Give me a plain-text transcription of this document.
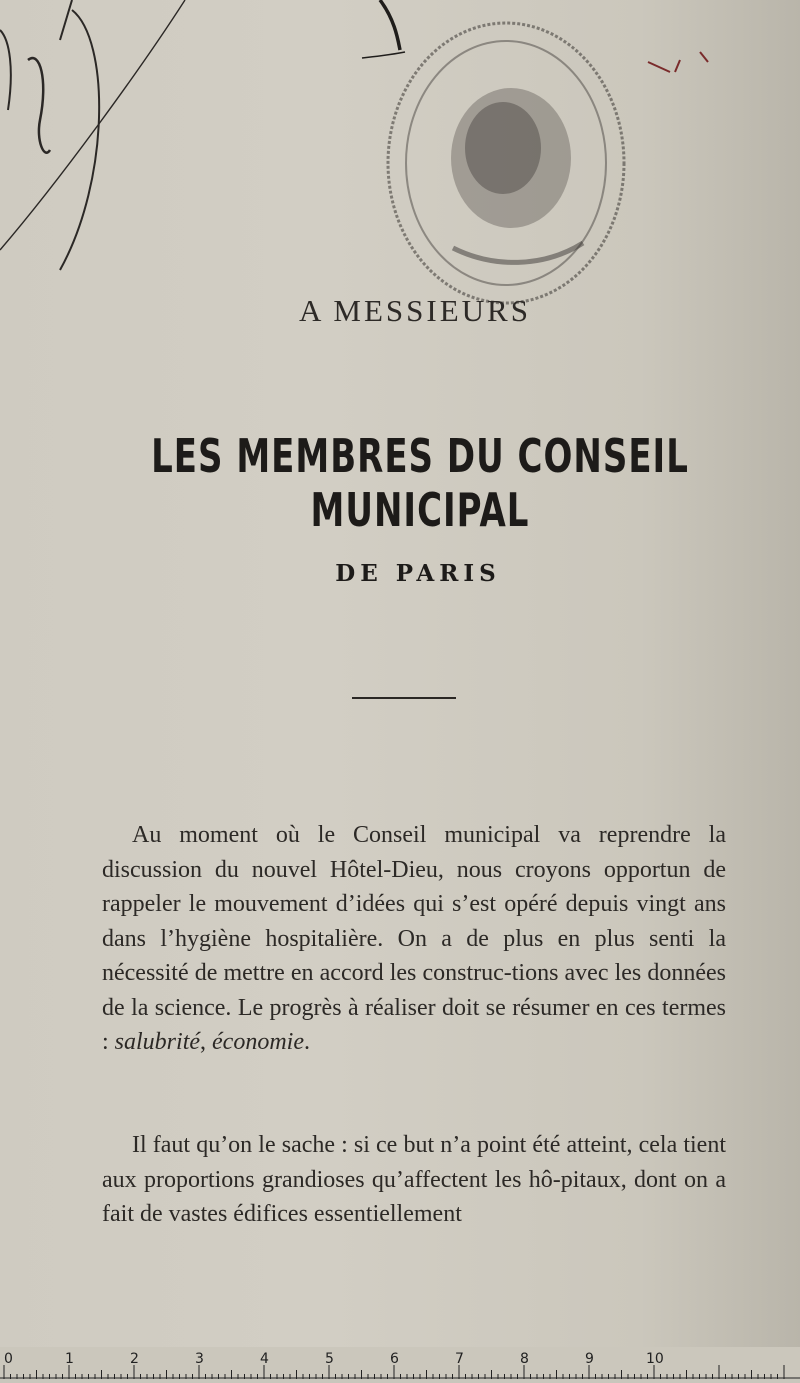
A MESSIEURS
LES MEMBRES DU CONSEIL MUNICIPAL
DE PARIS

Au moment où le Conseil municipal va reprendre la discussion du nouvel Hôtel-Dieu, nous croyons opportun de rappeler le mouvement d’idées qui s’est opéré depuis vingt ans dans l’hygiène hospitalière. On a de plus en plus senti la nécessité de mettre en accord les construc-tions avec les données de la science. Le progrès à réaliser doit se résumer en ces termes : salubrité, économie.

Il faut qu’on le sache : si ce but n’a point été atteint, cela tient aux proportions grandioses qu’affectent les hô-pitaux, dont on a fait de vastes édifices essentiellement

0	1	2	3	4	5	6	7	8	9	10
